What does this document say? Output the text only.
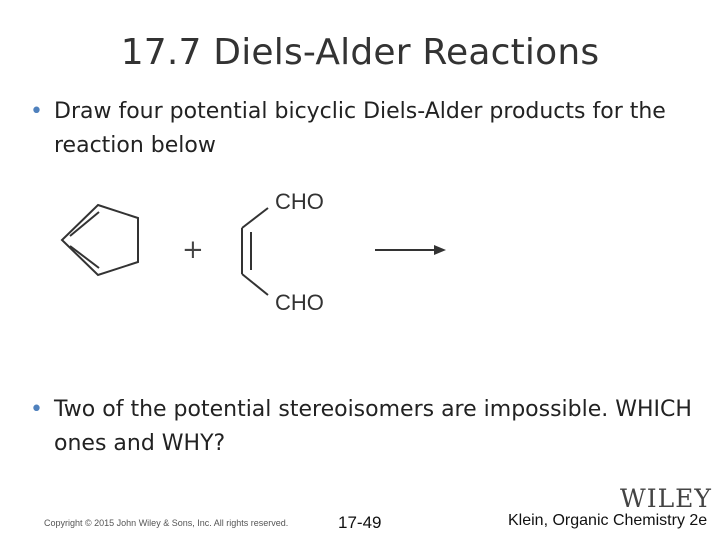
17.7 Diels-Alder Reactions
• Draw four potential bicyclic Diels-Alder products for the reaction below
+
CHO
CHO
• Two of the potential stereoisomers are impossible. WHICH ones and WHY?
Copyright © 2015 John Wiley & Sons, Inc. All rights reserved.	17-49
WILEY
Klein, Organic Chemistry 2e
